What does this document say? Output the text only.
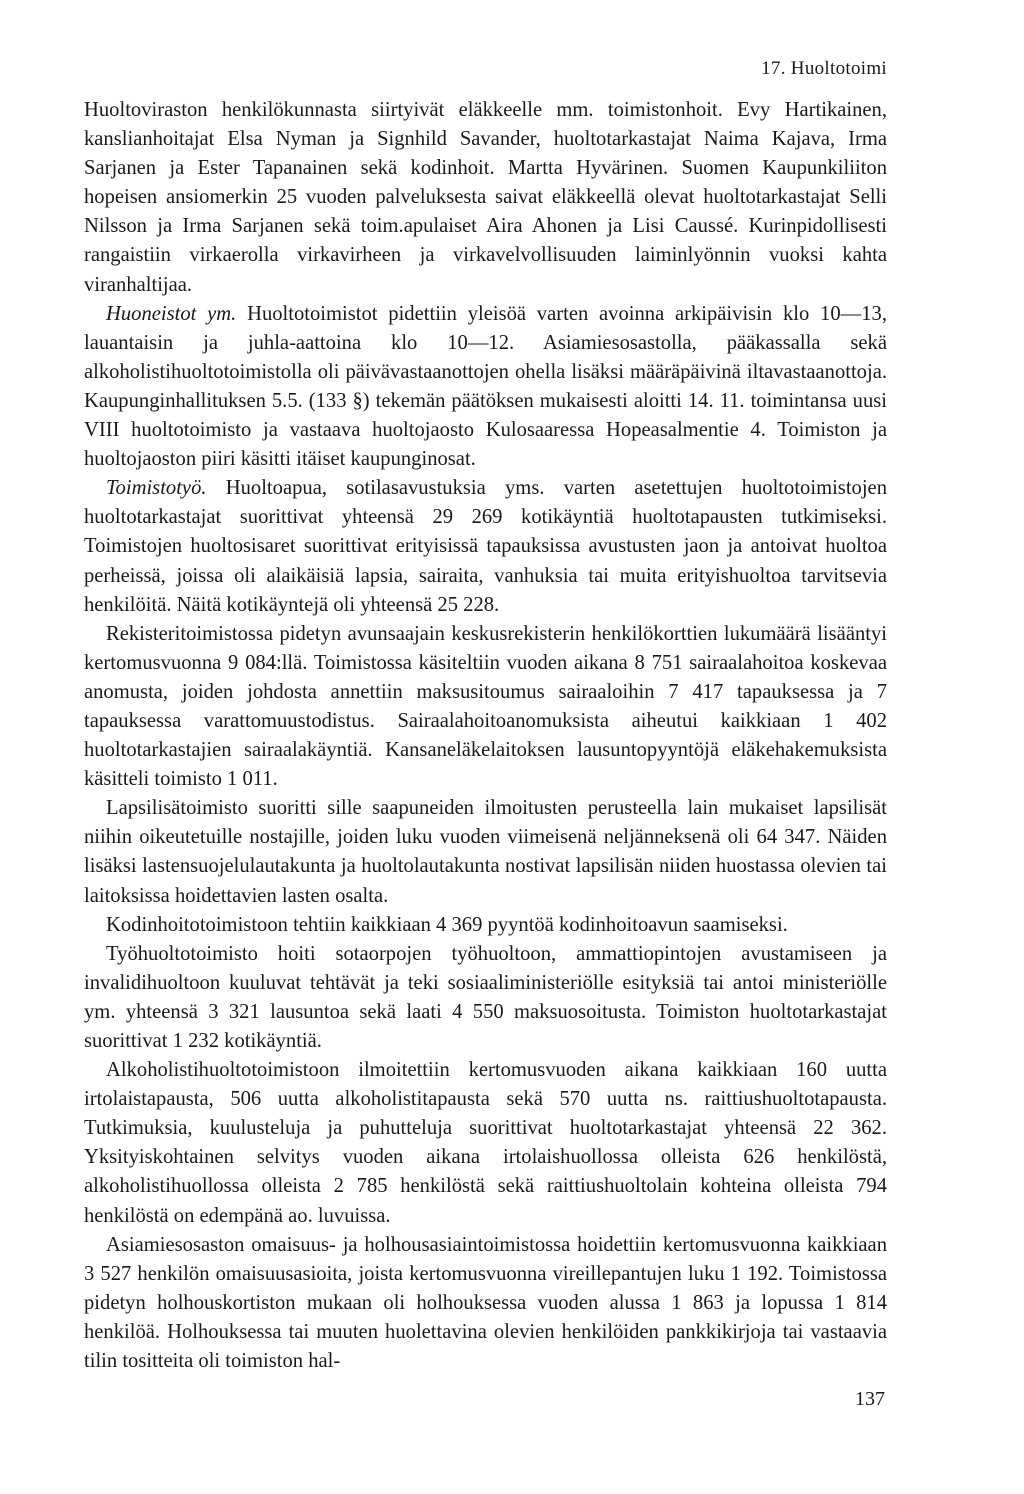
17. Huoltotoimi

Huoltoviraston henkilökunnasta siirtyivät eläkkeelle mm. toimistonhoit. Evy Hartikainen, kanslianhoitajat Elsa Nyman ja Signhild Savander, huoltotarkastajat Naima Kajava, Irma Sarjanen ja Ester Tapanainen sekä kodinhoit. Martta Hyvärinen. Suomen Kaupunkiliiton hopeisen ansiomerkin 25 vuoden palveluksesta saivat eläkkeellä olevat huoltotarkastajat Selli Nilsson ja Irma Sarjanen sekä toim.apulaiset Aira Ahonen ja Lisi Caussé. Kurinpidollisesti rangaistiin virkaerolla virkavirheen ja virkavelvollisuuden laiminlyönnin vuoksi kahta viranhaltijaa.

Huoneistot ym. Huoltotoimistot pidettiin yleisöä varten avoinna arkipäivisin klo 10—13, lauantaisin ja juhla-aattoina klo 10—12. Asiamiesosastolla, pääkassalla sekä alkoholistihuoltotoimistolla oli päivävastaanottojen ohella lisäksi määräpäivinä iltavastaanottoja. Kaupunginhallituksen 5.5. (133 §) tekemän päätöksen mukaisesti aloitti 14. 11. toimintansa uusi VIII huoltotoimisto ja vastaava huoltojaosto Kulosaaressa Hopeasalmentie 4. Toimiston ja huoltojaoston piiri käsitti itäiset kaupunginosat.

Toimistotyö. Huoltoapua, sotilasavustuksia yms. varten asetettujen huoltotoimistojen huoltotarkastajat suorittivat yhteensä 29 269 kotikäyntiä huoltotapausten tutkimiseksi. Toimistojen huoltosisaret suorittivat erityisissä tapauksissa avustusten jaon ja antoivat huoltoa perheissä, joissa oli alaikäisiä lapsia, sairaita, vanhuksia tai muita erityishuoltoa tarvitsevia henkilöitä. Näitä kotikäyntejä oli yhteensä 25 228.

Rekisteritoimistossa pidetyn avunsaajain keskusrekisterin henkilökorttien lukumäärä lisääntyi kertomusvuonna 9 084:llä. Toimistossa käsiteltiin vuoden aikana 8 751 sairaalahoitoa koskevaa anomusta, joiden johdosta annettiin maksusitoumus sairaaloihin 7 417 tapauksessa ja 7 tapauksessa varattomuustodistus. Sairaalahoitoanomuksista aiheutui kaikkiaan 1 402 huoltotarkastajien sairaalakäyntiä. Kansaneläkelaitoksen lausuntopyyntöjä eläkehakemuksista käsitteli toimisto 1 011.

Lapsilisätoimisto suoritti sille saapuneiden ilmoitusten perusteella lain mukaiset lapsilisät niihin oikeutetuille nostajille, joiden luku vuoden viimeisenä neljänneksenä oli 64 347. Näiden lisäksi lastensuojelulautakunta ja huoltolautakunta nostivat lapsilisän niiden huostassa olevien tai laitoksissa hoidettavien lasten osalta.

Kodinhoitotoimistoon tehtiin kaikkiaan 4 369 pyyntöä kodinhoitoavun saamiseksi.

Työhuoltotoimisto hoiti sotaorpojen työhuoltoon, ammattiopintojen avustamiseen ja invalidihuoltoon kuuluvat tehtävät ja teki sosiaaliministeriölle esityksiä tai antoi ministeriölle ym. yhteensä 3 321 lausuntoa sekä laati 4 550 maksuosoitusta. Toimiston huoltotarkastajat suorittivat 1 232 kotikäyntiä.

Alkoholistihuoltotoimistoon ilmoitettiin kertomusvuoden aikana kaikkiaan 160 uutta irtolaistapausta, 506 uutta alkoholistitapausta sekä 570 uutta ns. raittiushuoltotapausta. Tutkimuksia, kuulusteluja ja puhutteluja suorittivat huoltotarkastajat yhteensä 22 362. Yksityiskohtainen selvitys vuoden aikana irtolaishuollossa olleista 626 henkilöstä, alkoholistihuollossa olleista 2 785 henkilöstä sekä raittiushuoltolain kohteina olleista 794 henkilöstä on edempänä ao. luvuissa.

Asiamiesosaston omaisuus- ja holhousasiaintoimistossa hoidettiin kertomusvuonna kaikkiaan 3 527 henkilön omaisuusasioita, joista kertomusvuonna vireillepantujen luku 1 192. Toimistossa pidetyn holhouskortiston mukaan oli holhouksessa vuoden alussa 1 863 ja lopussa 1 814 henkilöä. Holhouksessa tai muuten huolettavina olevien henkilöiden pankkikirjoja tai vastaavia tilin tositteita oli toimiston hal-

137
